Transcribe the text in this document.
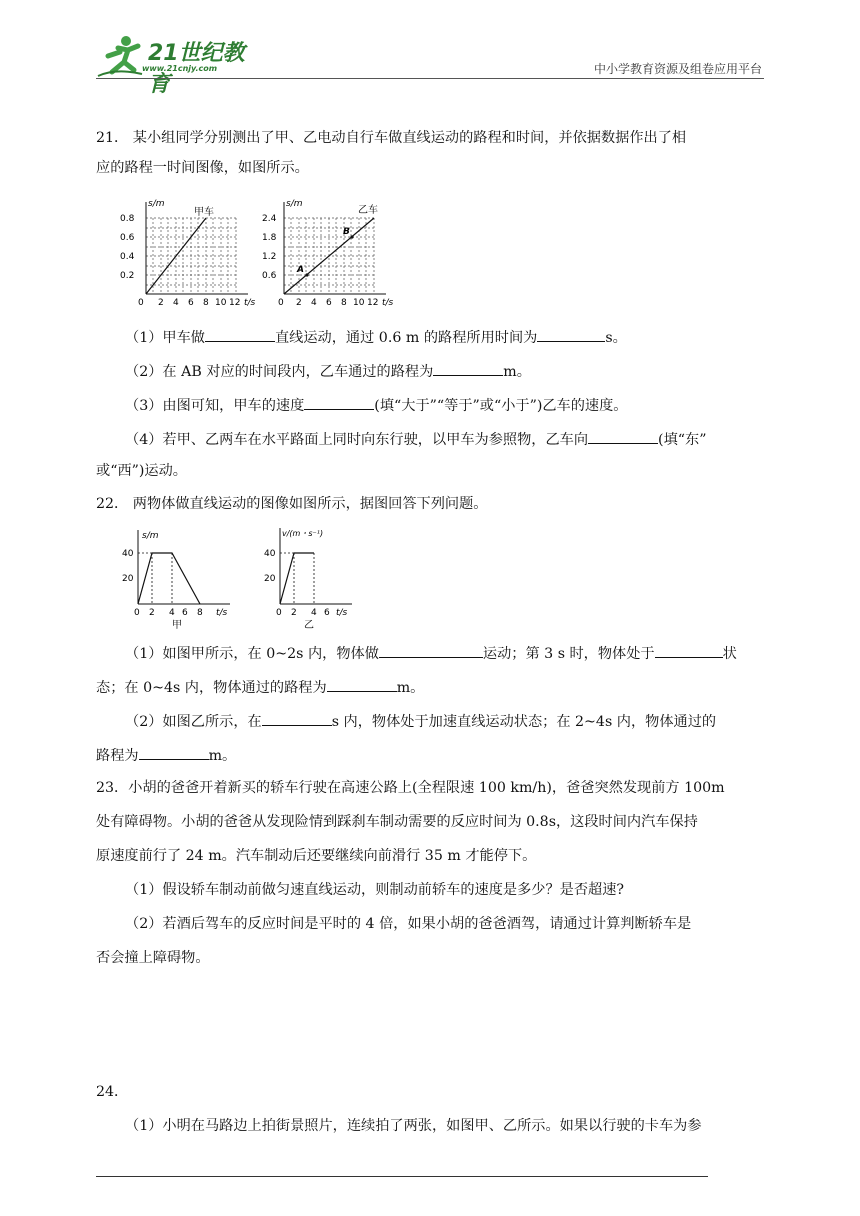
21世纪教育
www.21cnjy.com	中小学教育资源及组卷应用平台
21． 某小组同学分别测出了甲、乙电动自行车做直线运动的路程和时间，并依据数据作出了相
应的路程一时间图像，如图所示。
s/m
甲车
0.8
0.6
0.4
0.2
0 2 4 6 8 10 12 t/s
A
B
s/m
乙车
2.4
1.8
1.2
0.6
0 2 4 6 8 10 12 t/s
（1）甲车做	直线运动，通过 0.6 m 的路程所用时间为	s。
（2）在 AB 对应的时间段内，乙车通过的路程为	m。
（3）由图可知，甲车的速度	(填“大于”“等于”或“小于”)乙车的速度。
（4）若甲、乙两车在水平路面上同时向东行驶，以甲车为参照物，乙车向	(填“东”
或“西”)运动。
22． 两物体做直线运动的图像如图所示，据图回答下列问题。
s/m
40
20
0 2 4 6 8 t/s
甲
v/(m・s⁻¹)
40
20
0 2 4 6 t/s
乙
（1）如图甲所示，在 0~2s 内，物体做	运动；第 3 s 时，物体处于	状
态；在 0~4s 内，物体通过的路程为	m。
（2）如图乙所示，在	s 内，物体处于加速直线运动状态；在 2~4s 内，物体通过的
路程为	m。
23．小胡的爸爸开着新买的轿车行驶在高速公路上(全程限速 100 km/h)，爸爸突然发现前方 100m
处有障碍物。小胡的爸爸从发现险情到踩刹车制动需要的反应时间为 0.8s，这段时间内汽车保持
原速度前行了 24 m。汽车制动后还要继续向前滑行 35 m 才能停下。
（1）假设轿车制动前做匀速直线运动，则制动前轿车的速度是多少？是否超速?
（2）若酒后驾车的反应时间是平时的 4 倍，如果小胡的爸爸酒驾，请通过计算判断轿车是
否会撞上障碍物。
24．
（1）小明在马路边上拍街景照片，连续拍了两张，如图甲、乙所示。如果以行驶的卡车为参
